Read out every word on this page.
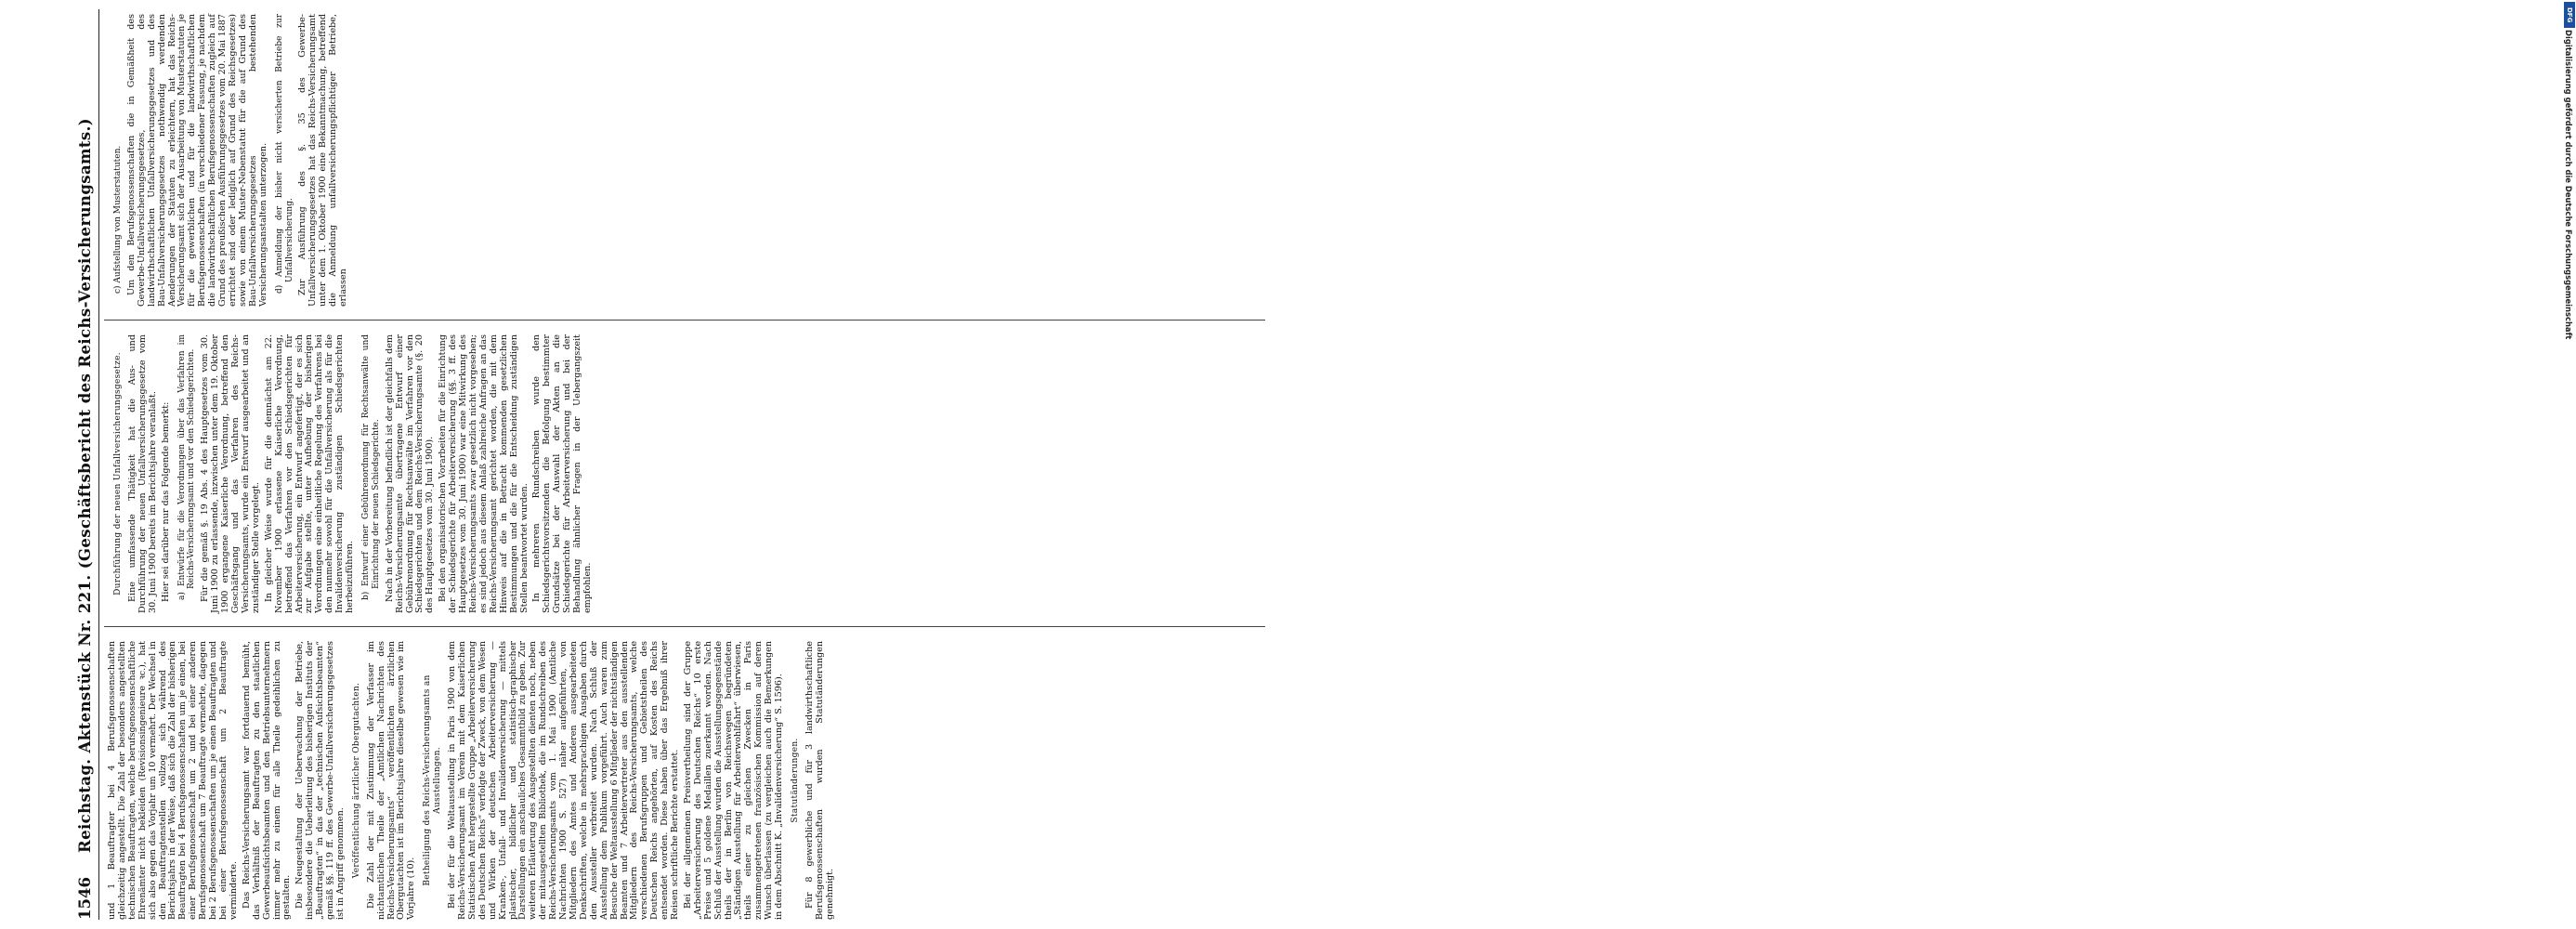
1546
Reichstag. Aktenstück Nr. 221. (Geschäftsbericht des Reichs-Versicherungsamts.) und 1 Beauftragter bei 4 Berufsgenossenschaften gleichzeitig angestellt. Die Zahl der besonders angestellten technischen Beauftragten, welche berufsgenossenschaftliche Ehrenämter nicht bekleiden (Revisionsingenieure ꝛc.), hat sich also gegen das Vorjahr um 10 vermehrt. Der Wechsel in den Beauftragtenstellen vollzog sich während des Berichtsjahrs in der Weise, daß sich die Zahl der bisherigen Beauftragten bei 4 Berufsgenossenschaften um je einen, bei einer Berufsgenossenschaft um 2 und bei einer anderen Berufsgenossenschaft um 7 Beauftragte vermehrte, dagegen bei 2 Berufsgenossenschaften um je einen Beauftragten und bei einer Berufsgenossenschaft um 2 Beauftragte verminderte. Das Reichs-Versicherungsamt war fortdauernd bemüht, das Verhältniß der Beauftragten zu den staatlichen Gewerbeaufsichtsbeamten und den Betriebsunternehmern immer mehr zu einem für alle Theile gedeihlichen zu gestalten. Die Neugestaltung der Ueberwachung der Betriebe, insbesondere die Ueberleitung des bisherigen Instituts der „Beauftragten“ in das der „technischen Aufsichtsbeamten“ gemäß §§. 119 ff. des Gewerbe-Unfallversicherungsgesetzes ist in Angriff genommen. Veröffentlichung ärztlicher Obergutachten. Die Zahl der mit Zustimmung der Verfasser im nichtamtlichen Theile der „Amtlichen Nachrichten des Reichs-Versicherungsamts“ veröffentlichten ärztlichen Obergutachten ist im Berichtsjahre dieselbe gewesen wie im Vorjahre (10).

Betheiligung des Reichs-Versicherungsamts an Ausstellungen. Bei der für die Weltausstellung in Paris 1900 von dem Reichs-Versicherungsamt im Verein mit dem Kaiserlichen Statistischen Amt hergestellte Gruppe „Arbeiterversicherung des Deutschen Reichs“ verfolgte der Zweck, von dem Wesen und Wirken der deutschen Arbeiterversicherung — Kranken-, Unfall- und Invalidenversicherung — mittels plastischer, bildlicher und statistisch-graphischer Darstellungen ein anschauliches Gesammtbild zu geben. Zur weiteren Erläuterung des Ausgestellten dienten noch, neben der mitausgestellten Bibliothek, die im Rundschreiben des Reichs-Versicherungsamts vom 1. Mai 1900 (Amtliche Nachrichten 1900 S. 527) näher aufgeführten, von Mitgliedern des Amtes und Anderen ausgearbeiteten Denkschriften, welche in mehrsprachigen Ausgaben durch den Aussteller verbreitet wurden. Nach Schluß der Ausstellung dem Publikum vorgeführt. Auch waren zum Besuche der Weltausstellung 6 Mitglieder der nichtständigen Beamten und 7 Arbeitervertreter aus den ausstellenden Mitgliedern des Reichs-Versicherungsamts, welche verschiedenen Berufsgruppen und Gebietstheilen des Deutschen Reichs angehörten, auf Kosten des Reichs entsendet worden. Diese haben über das Ergebniß ihrer Reisen schriftliche Berichte erstattet. Bei der allgemeinen Preisvertheilung sind der Gruppe „Arbeiterversicherung des Deutschen Reichs“ 10 erste Preise und 5 goldene Medaillen zuerkannt worden. Nach Schluß der Ausstellung wurden die Ausstellungsgegenstände theils der in Berlin von Reichswegen begründeten „Ständigen Ausstellung für Arbeiterwohlfahrt“ überwiesen, theils einer zu gleichen Zwecken in Paris zusammengetretenen französischen Kommission auf deren Wunsch überlassen (zu vergleichen auch die Bemerkungen in dem Abschnitt K. „Invalidenversicherung“ S. 1596). Statutänderungen. Für 8 gewerbliche und für 3 landwirthschaftliche Berufsgenossenschaften wurden Statutänderungen genehmigt.

Durchführung der neuen Unfallversicherungsgesetze. Eine umfassende Thätigkeit hat die Aus- und Durchführung der neuen Unfallversicherungsgesetze vom 30. Juni 1900 bereits im Berichtsjahre veranlaßt. Hier sei darüber nur das Folgende bemerkt: a) Entwürfe für die Verordnungen über das Verfahren im Reichs-Versicherungsamt und vor den Schiedsgerichten. Für die gemäß §. 19 Abs. 4 des Hauptgesetzes vom 30. Juni 1900 zu erlassende, inzwischen unter dem 19. Oktober 1900 ergangene Kaiserliche Verordnung, betreffend den Geschäftsgang und das Verfahren des Reichs-Versicherungsamts, wurde ein Entwurf ausgearbeitet und an zuständiger Stelle vorgelegt. In gleicher Weise wurde für die demnächst am 22. November 1900 erlassene Kaiserliche Verordnung, betreffend das Verfahren vor den Schiedsgerichten für Arbeiterversicherung, ein Entwurf angefertigt, der es sich zur Aufgabe stellte, unter Aufhebung der bisherigen Verordnungen eine einheitliche Regelung des Verfahrens bei den nunmehr sowohl für die Unfallversicherung als für die Invalidenversicherung zuständigen Schiedsgerichten herbeizuführen. b) Entwurf einer Gebührenordnung für Rechtsanwälte und Einrichtung der neuen Schiedsgerichte. Nach in der Vorbereitung befindlich ist der gleichfalls dem Reichs-Versicherungsamte übertragene Entwurf einer Gebührenordnung für Rechtsanwälte im Verfahren vor den Schiedsgerichten und dem Reichs-Versicherungsamte (§. 20 des Hauptgesetzes vom 30. Juni 1900). Bei den organisatorischen Vorarbeiten für die Einrichtung der Schiedsgerichte für Arbeiterversicherung (§§. 3 ff. des Hauptgesetzes vom 30. Juni 1900) war eine Mitwirkung des Reichs-Versicherungsamts zwar gesetzlich nicht vorgesehen; es sind jedoch aus diesem Anlaß zahlreiche Anfragen an das Reichs-Versicherungsamt gerichtet worden, die mit dem Hinweis auf die in Betracht kommenden gesetzlichen Bestimmungen und die für die Entscheidung zuständigen Stellen beantwortet wurden. In mehreren Rundschreiben wurde den Schiedsgerichtsvorsitzenden die Befolgung bestimmter Grundsätze bei der Auswahl der Akten an die Schiedsgerichte für Arbeiterversicherung und bei der Behandlung ähnlicher Fragen in der Uebergangszeit empfohlen.

c) Aufstellung von Musterstatuten. Um den Berufsgenossenschaften die in Gemäßheit des Gewerbe-Unfallversicherungsgesetzes, des landwirthschaftlichen Unfallversicherungsgesetzes und des Bau-Unfallversicherungsgesetzes nothwendig werdenden Aenderungen der Statuten zu erleichtern, hat das Reichs-Versicherungsamt sich der Ausarbeitung von Musterstatuten je für die gewerblichen und für die landwirthschaftlichen Berufsgenossenschaften (in verschiedener Fassung, je nachdem die landwirthschaftlichen Berufsgenossenschaften zugleich auf Grund des preußischen Ausführungsgesetzes vom 20. Mai 1887 errichtet sind oder lediglich auf Grund des Reichsgesetzes) sowie von einem Muster-Nebenstatut für die auf Grund des Bau-Unfallversicherungsgesetzes bestehenden Versicherungsanstalten unterzogen. d) Anmeldung der bisher nicht versicherten Betriebe zur Unfallversicherung. Zur Ausführung des §. 35 des Gewerbe-Unfallversicherungsgesetzes hat das Reichs-Versicherungsamt unter dem 1. Oktober 1900 eine Bekanntmachung, betreffend die Anmeldung unfallversicherungspflichtiger Betriebe, erlassen

DFG
Digitalisierung gefördert durch die Deutsche Forschungsgemeinschaft
